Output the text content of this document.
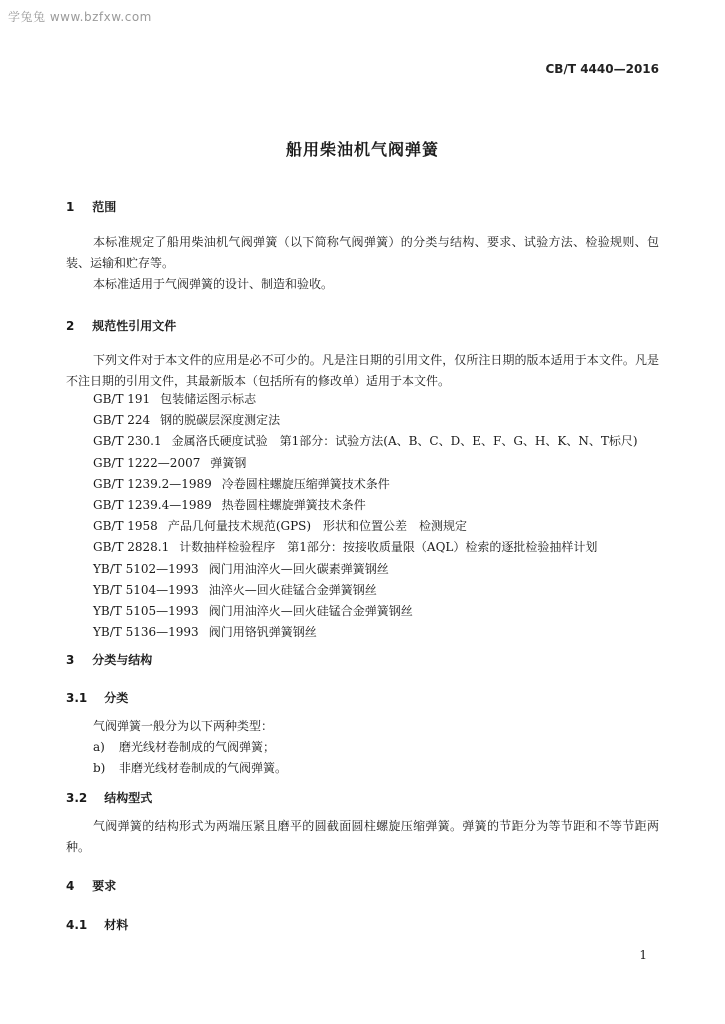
学兔兔 www.bzfxw.com
CB/T 4440—2016
船用柴油机气阀弹簧
1 范围
本标准规定了船用柴油机气阀弹簧（以下简称气阀弹簧）的分类与结构、要求、试验方法、检验规则、包装、运输和贮存等。
本标准适用于气阀弹簧的设计、制造和验收。
2 规范性引用文件
下列文件对于本文件的应用是必不可少的。凡是注日期的引用文件，仅所注日期的版本适用于本文件。凡是不注日期的引用文件，其最新版本（包括所有的修改单）适用于本文件。
GB/T 191 包装储运图示标志
GB/T 224 钢的脱碳层深度测定法
GB/T 230.1 金属洛氏硬度试验　第1部分：试验方法(A、B、C、D、E、F、G、H、K、N、T标尺)
GB/T 1222—2007 弹簧钢
GB/T 1239.2—1989 冷卷圆柱螺旋压缩弹簧技术条件
GB/T 1239.4—1989 热卷圆柱螺旋弹簧技术条件
GB/T 1958 产品几何量技术规范(GPS)　形状和位置公差　检测规定
GB/T 2828.1 计数抽样检验程序　第1部分：按接收质量限（AQL）检索的逐批检验抽样计划
YB/T 5102—1993 阀门用油淬火—回火碳素弹簧钢丝
YB/T 5104—1993 油淬火—回火硅锰合金弹簧钢丝
YB/T 5105—1993 阀门用油淬火—回火硅锰合金弹簧钢丝
YB/T 5136—1993 阀门用铬钒弹簧钢丝
3 分类与结构
3.1 分类
气阀弹簧一般分为以下两种类型：
a) 磨光线材卷制成的气阀弹簧；
b) 非磨光线材卷制成的气阀弹簧。
3.2 结构型式
气阀弹簧的结构形式为两端压紧且磨平的圆截面圆柱螺旋压缩弹簧。弹簧的节距分为等节距和不等节距两种。
4 要求
4.1 材料
1
